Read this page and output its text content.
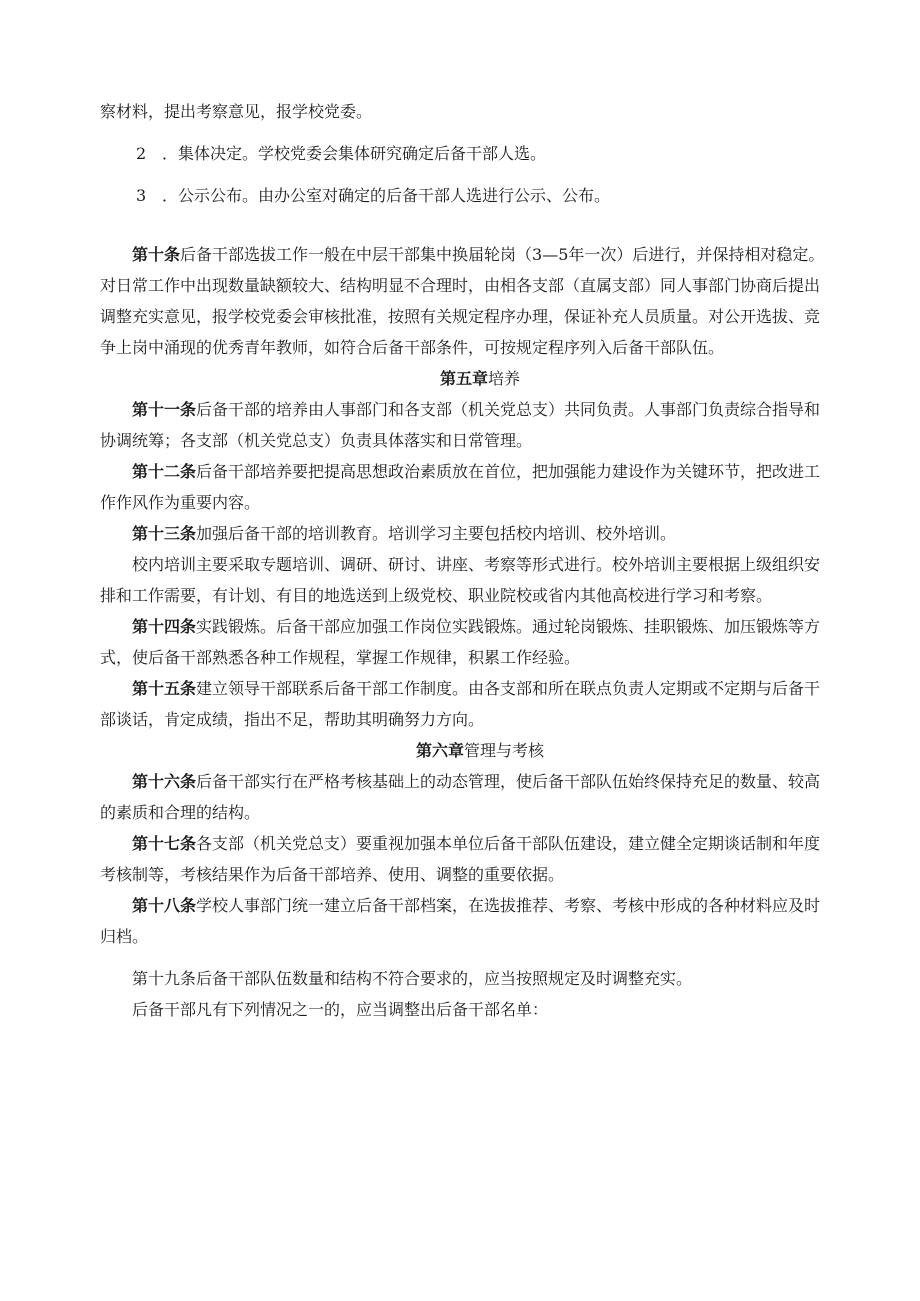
察材料，提出考察意见，报学校党委。

2 ．集体决定。学校党委会集体研究确定后备干部人选。

3 ．公示公布。由办公室对确定的后备干部人选进行公示、公布。

第十条后备干部选拔工作一般在中层干部集中换届轮岗（3—5年一次）后进行，并保持相对稳定。对日常工作中出现数量缺额较大、结构明显不合理时，由相各支部（直属支部）同人事部门协商后提出调整充实意见，报学校党委会审核批准，按照有关规定程序办理，保证补充人员质量。对公开选拔、竞争上岗中涌现的优秀青年教师，如符合后备干部条件，可按规定程序列入后备干部队伍。

第五章培养

第十一条后备干部的培养由人事部门和各支部（机关党总支）共同负责。人事部门负责综合指导和协调统筹；各支部（机关党总支）负责具体落实和日常管理。

第十二条后备干部培养要把提高思想政治素质放在首位，把加强能力建设作为关键环节，把改进工作作风作为重要内容。

第十三条加强后备干部的培训教育。培训学习主要包括校内培训、校外培训。

校内培训主要采取专题培训、调研、研讨、讲座、考察等形式进行。校外培训主要根据上级组织安排和工作需要，有计划、有目的地选送到上级党校、职业院校或省内其他高校进行学习和考察。

第十四条实践锻炼。后备干部应加强工作岗位实践锻炼。通过轮岗锻炼、挂职锻炼、加压锻炼等方式，使后备干部熟悉各种工作规程，掌握工作规律，积累工作经验。

第十五条建立领导干部联系后备干部工作制度。由各支部和所在联点负责人定期或不定期与后备干部谈话，肯定成绩，指出不足，帮助其明确努力方向。

第六章管理与考核

第十六条后备干部实行在严格考核基础上的动态管理，使后备干部队伍始终保持充足的数量、较高的素质和合理的结构。

第十七条各支部（机关党总支）要重视加强本单位后备干部队伍建设，建立健全定期谈话制和年度考核制等，考核结果作为后备干部培养、使用、调整的重要依据。

第十八条学校人事部门统一建立后备干部档案，在选拔推荐、考察、考核中形成的各种材料应及时归档。

第十九条后备干部队伍数量和结构不符合要求的，应当按照规定及时调整充实。

后备干部凡有下列情况之一的，应当调整出后备干部名单：
